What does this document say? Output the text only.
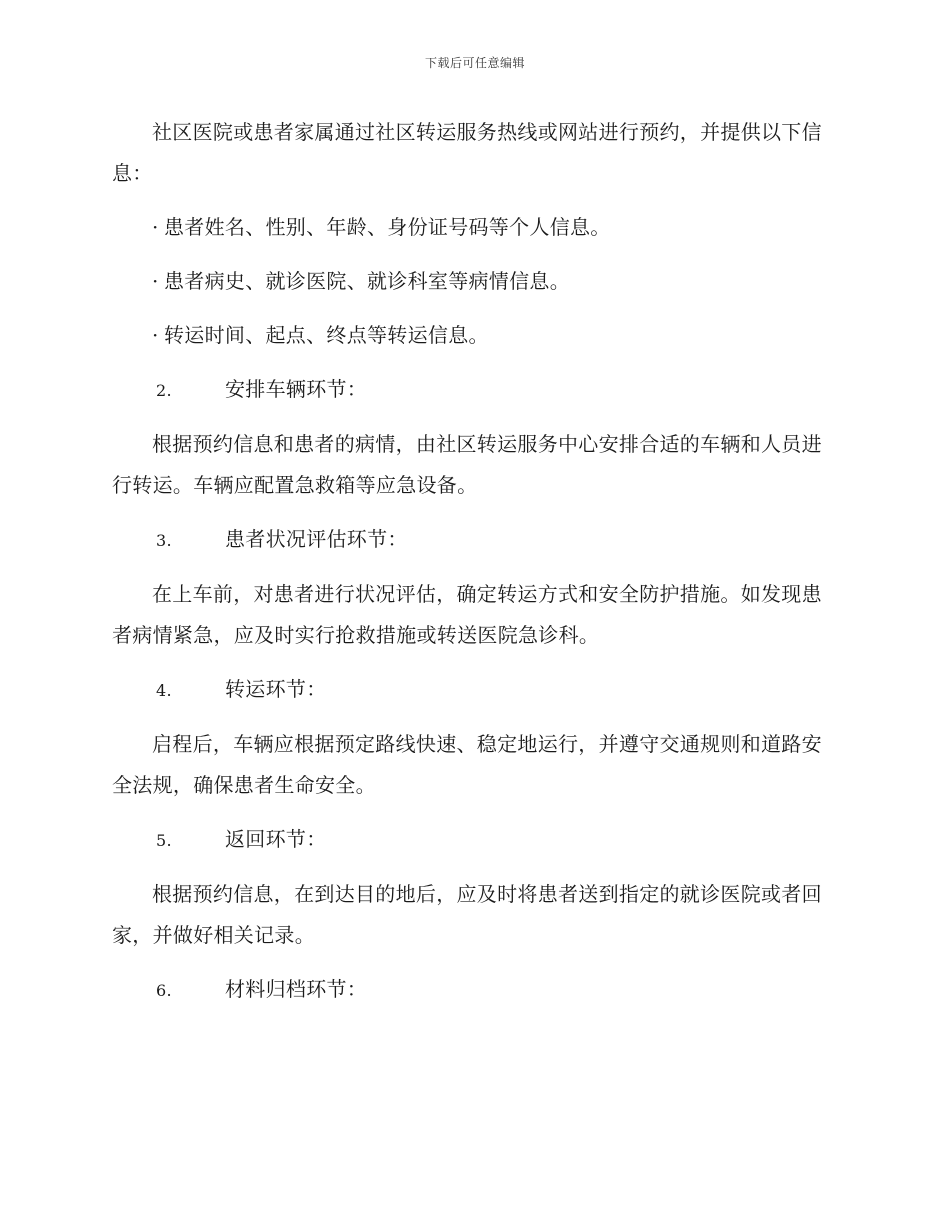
下载后可任意编辑

社区医院或患者家属通过社区转运服务热线或网站进行预约，并提供以下信息：

· 患者姓名、性别、年龄、身份证号码等个人信息。

· 患者病史、就诊医院、就诊科室等病情信息。

· 转运时间、起点、终点等转运信息。

2.	安排车辆环节：

根据预约信息和患者的病情，由社区转运服务中心安排合适的车辆和人员进行转运。车辆应配置急救箱等应急设备。

3.	患者状况评估环节：

在上车前，对患者进行状况评估，确定转运方式和安全防护措施。如发现患者病情紧急，应及时实行抢救措施或转送医院急诊科。

4.	转运环节：

启程后，车辆应根据预定路线快速、稳定地运行，并遵守交通规则和道路安全法规，确保患者生命安全。

5.	返回环节：

根据预约信息，在到达目的地后，应及时将患者送到指定的就诊医院或者回家，并做好相关记录。

6.	材料归档环节：
